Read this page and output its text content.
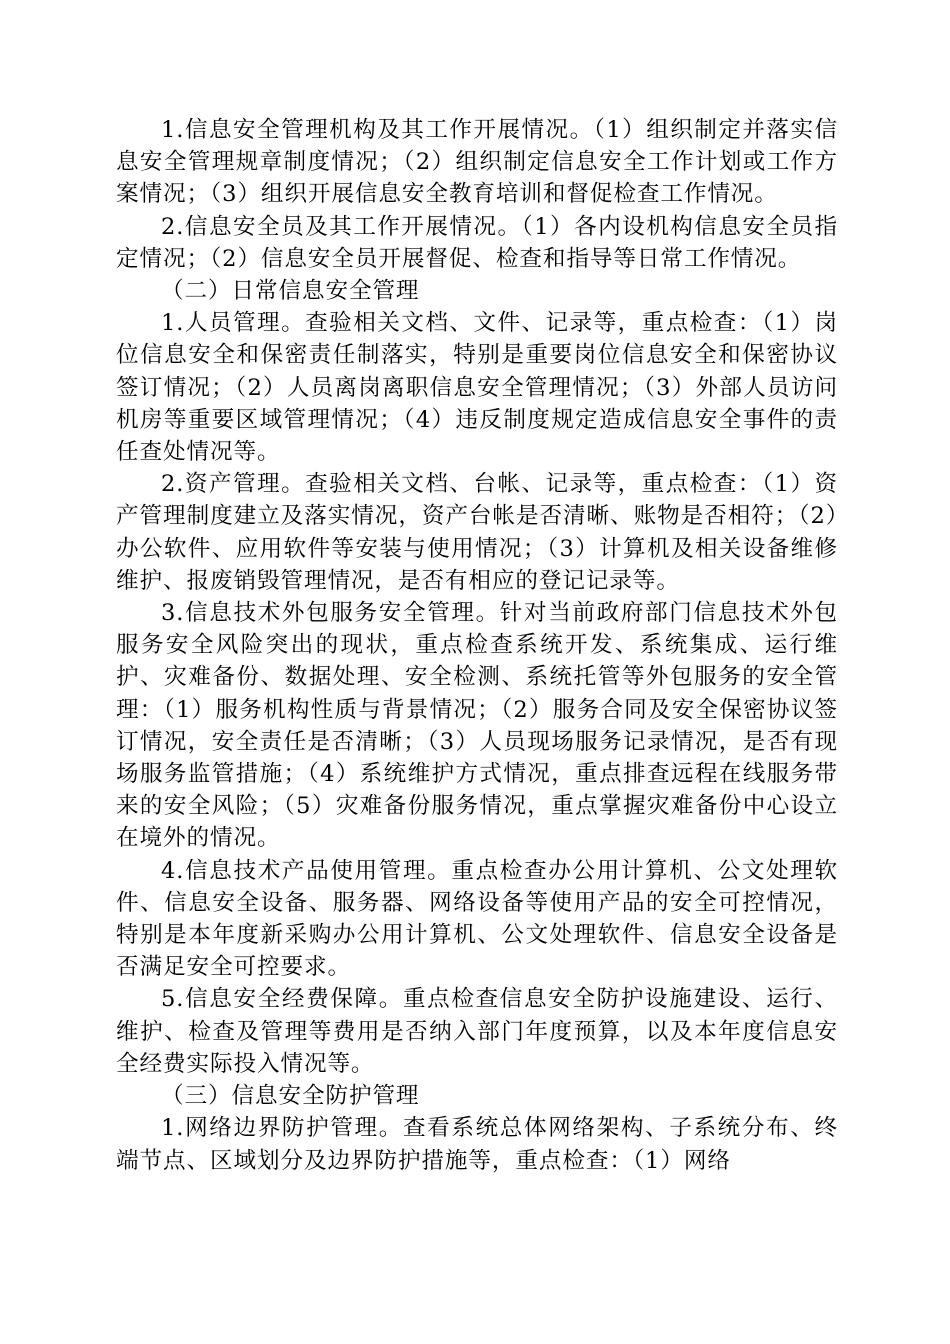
1.信息安全管理机构及其工作开展情况。（1）组织制定并落实信息安全管理规章制度情况；（2）组织制定信息安全工作计划或工作方案情况；（3）组织开展信息安全教育培训和督促检查工作情况。

2.信息安全员及其工作开展情况。（1）各内设机构信息安全员指定情况；（2）信息安全员开展督促、检查和指导等日常工作情况。

（二）日常信息安全管理

1.人员管理。查验相关文档、文件、记录等，重点检查：（1）岗位信息安全和保密责任制落实，特别是重要岗位信息安全和保密协议签订情况；（2）人员离岗离职信息安全管理情况；（3）外部人员访问机房等重要区域管理情况；（4）违反制度规定造成信息安全事件的责任查处情况等。

2.资产管理。查验相关文档、台帐、记录等，重点检查：（1）资产管理制度建立及落实情况，资产台帐是否清晰、账物是否相符；（2）办公软件、应用软件等安装与使用情况；（3）计算机及相关设备维修维护、报废销毁管理情况，是否有相应的登记记录等。

3.信息技术外包服务安全管理。针对当前政府部门信息技术外包服务安全风险突出的现状，重点检查系统开发、系统集成、运行维护、灾难备份、数据处理、安全检测、系统托管等外包服务的安全管理：（1）服务机构性质与背景情况；（2）服务合同及安全保密协议签订情况，安全责任是否清晰；（3）人员现场服务记录情况，是否有现场服务监管措施；（4）系统维护方式情况，重点排查远程在线服务带来的安全风险；（5）灾难备份服务情况，重点掌握灾难备份中心设立在境外的情况。

4.信息技术产品使用管理。重点检查办公用计算机、公文处理软件、信息安全设备、服务器、网络设备等使用产品的安全可控情况，特别是本年度新采购办公用计算机、公文处理软件、信息安全设备是否满足安全可控要求。

5.信息安全经费保障。重点检查信息安全防护设施建设、运行、维护、检查及管理等费用是否纳入部门年度预算，以及本年度信息安全经费实际投入情况等。

（三）信息安全防护管理

1.网络边界防护管理。查看系统总体网络架构、子系统分布、终端节点、区域划分及边界防护措施等，重点检查：（1）网络
